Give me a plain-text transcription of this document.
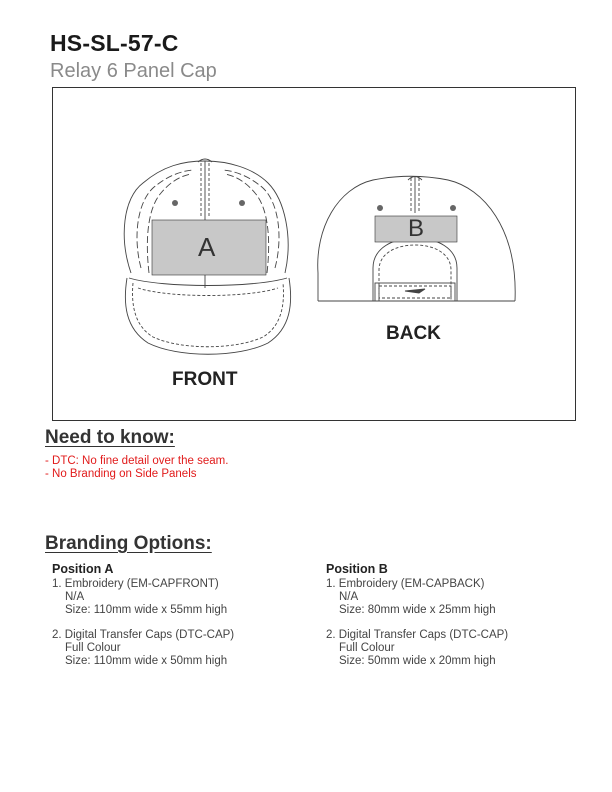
HS-SL-57-C
Relay 6 Panel Cap
A
B
FRONT
BACK
Need to know:
- DTC: No fine detail over the seam.
- No Branding on Side Panels
Branding Options:
Position A
1. Embroidery (EM-CAPFRONT)
N/A
Size: 110mm wide x 55mm high
2. Digital Transfer Caps (DTC-CAP)
Full Colour
Size: 110mm wide x 50mm high
Position B
1. Embroidery (EM-CAPBACK)
N/A
Size: 80mm wide x 25mm high
2. Digital Transfer Caps (DTC-CAP)
Full Colour
Size: 50mm wide x 20mm high
